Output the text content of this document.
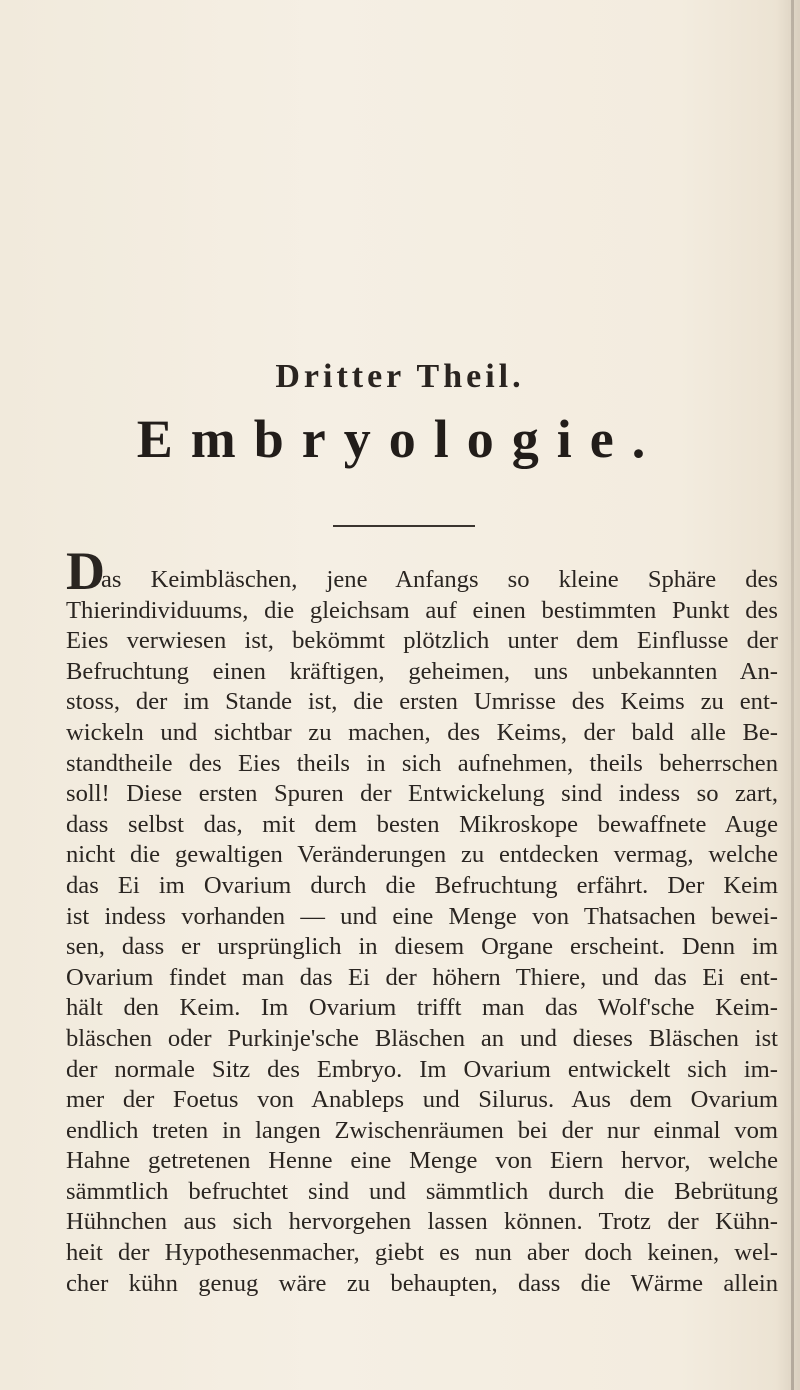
Dritter Theil.
Embryologie.
Das Keimbläschen, jene Anfangs so kleine Sphäre des
Thierindividuums, die gleichsam auf einen bestimmten Punkt des
Eies verwiesen ist, bekömmt plötzlich unter dem Einflusse der
Befruchtung einen kräftigen, geheimen, uns unbekannten An-
stoss, der im Stande ist, die ersten Umrisse des Keims zu ent-
wickeln und sichtbar zu machen, des Keims, der bald alle Be-
standtheile des Eies theils in sich aufnehmen, theils beherrschen
soll! Diese ersten Spuren der Entwickelung sind indess so zart,
dass selbst das, mit dem besten Mikroskope bewaffnete Auge
nicht die gewaltigen Veränderungen zu entdecken vermag, welche
das Ei im Ovarium durch die Befruchtung erfährt. Der Keim
ist indess vorhanden — und eine Menge von Thatsachen bewei-
sen, dass er ursprünglich in diesem Organe erscheint. Denn im
Ovarium findet man das Ei der höhern Thiere, und das Ei ent-
hält den Keim. Im Ovarium trifft man das Wolf'sche Keim-
bläschen oder Purkinje'sche Bläschen an und dieses Bläschen ist
der normale Sitz des Embryo. Im Ovarium entwickelt sich im-
mer der Foetus von Anableps und Silurus. Aus dem Ovarium
endlich treten in langen Zwischenräumen bei der nur einmal vom
Hahne getretenen Henne eine Menge von Eiern hervor, welche
sämmtlich befruchtet sind und sämmtlich durch die Bebrütung
Hühnchen aus sich hervorgehen lassen können. Trotz der Kühn-
heit der Hypothesenmacher, giebt es nun aber doch keinen, wel-
cher kühn genug wäre zu behaupten, dass die Wärme allein
